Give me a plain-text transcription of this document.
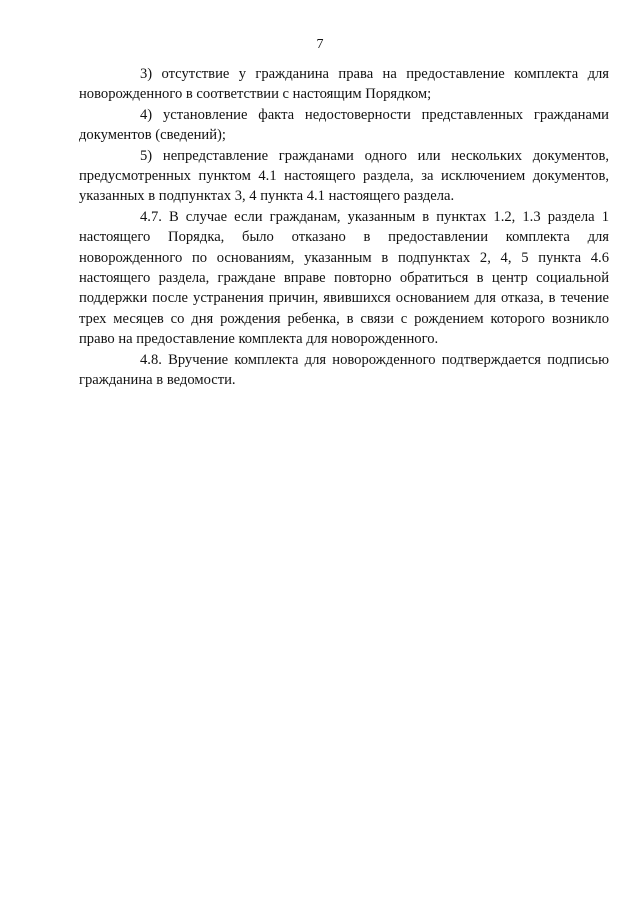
7

3) отсутствие у гражданина права на предоставление комплекта для новорожденного в соответствии с настоящим Порядком;

4) установление факта недостоверности представленных гражданами документов (сведений);

5) непредставление гражданами одного или нескольких документов, предусмотренных пунктом 4.1 настоящего раздела, за исключением документов, указанных в подпунктах 3, 4 пункта 4.1 настоящего раздела.

4.7. В случае если гражданам, указанным в пунктах 1.2, 1.3 раздела 1 настоящего Порядка, было отказано в предоставлении комплекта для новорожденного по основаниям, указанным в подпунктах 2, 4, 5 пункта 4.6 настоящего раздела, граждане вправе повторно обратиться в центр социальной поддержки после устранения причин, явившихся основанием для отказа, в течение трех месяцев со дня рождения ребенка, в связи с рождением которого возникло право на предоставление комплекта для новорожденного.

4.8. Вручение комплекта для новорожденного подтверждается подписью гражданина в ведомости.
